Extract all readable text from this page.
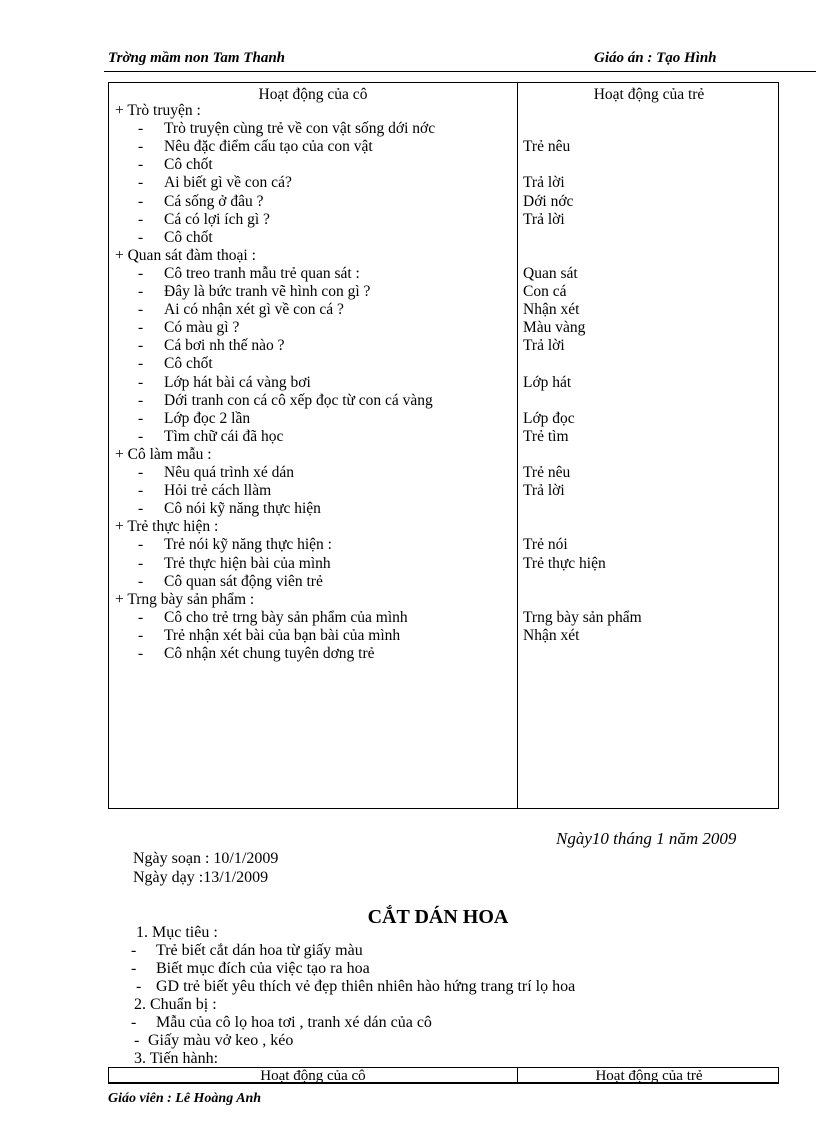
Trờng mầm non Tam Thanh	Giáo án : Tạo Hình
Hoạt động của cô	Hoạt động của trẻ
+ Trò truyện :
- Trò truyện cùng trẻ về con vật sống dới nớc
- Nêu đặc điểm cấu tạo của con vật	Trẻ nêu
- Cô chốt
- Ai biết gì về con cá?	Trả lời
- Cá sống ở đâu ?	Dới nớc
- Cá có lợi ích gì ?	Trả lời
- Cô chốt
+ Quan sát đàm thoại :
- Cô treo tranh mẫu trẻ quan sát :	Quan sát
- Đây là bức tranh vẽ hình con gì ?	Con cá
- Ai có nhận xét gì về con cá ?	Nhận xét
- Có màu gì ?	Màu vàng
- Cá bơi nh thế nào ?	Trả lời
- Cô chốt
- Lớp hát bài cá vàng bơi	Lớp hát
- Dới tranh con cá cô xếp đọc từ con cá vàng
- Lớp đọc 2 lần	Lớp đọc
- Tìm chữ cái đã học	Trẻ tìm
+ Cô làm mẫu :
- Nêu quá trình xé dán	Trẻ nêu
- Hỏi trẻ cách llàm	Trả lời
- Cô nói kỹ năng thực hiện
+ Trẻ thực hiện :
- Trẻ nói kỹ năng thực hiện :	Trẻ nói
- Trẻ thực hiện bài của mình	Trẻ thực hiện
- Cô quan sát động viên trẻ
+ Trng bày sản phẩm :
- Cô cho trẻ trng bày sản phẩm của mình	Trng bày sản phẩm
- Trẻ nhận xét bài của bạn bài của mình	Nhận xét
- Cô nhận xét chung tuyên dơng trẻ
Ngày10 tháng 1 năm 2009
Ngày soạn : 10/1/2009
Ngày dạy :13/1/2009
CẮT DÁN HOA
1. Mục tiêu :
- Trẻ biết cắt dán hoa từ giấy màu
- Biết mục đích của việc tạo ra hoa
- GD trẻ biết yêu thích vẻ đẹp thiên nhiên hào hứng trang trí lọ hoa
2. Chuẩn bị :
- Mẫu của cô lọ hoa tơi , tranh xé dán của cô
- Giấy màu vở keo , kéo
3. Tiến hành:
Hoạt động của cô	Hoạt động của trẻ
Giáo viên : Lê Hoàng Anh
